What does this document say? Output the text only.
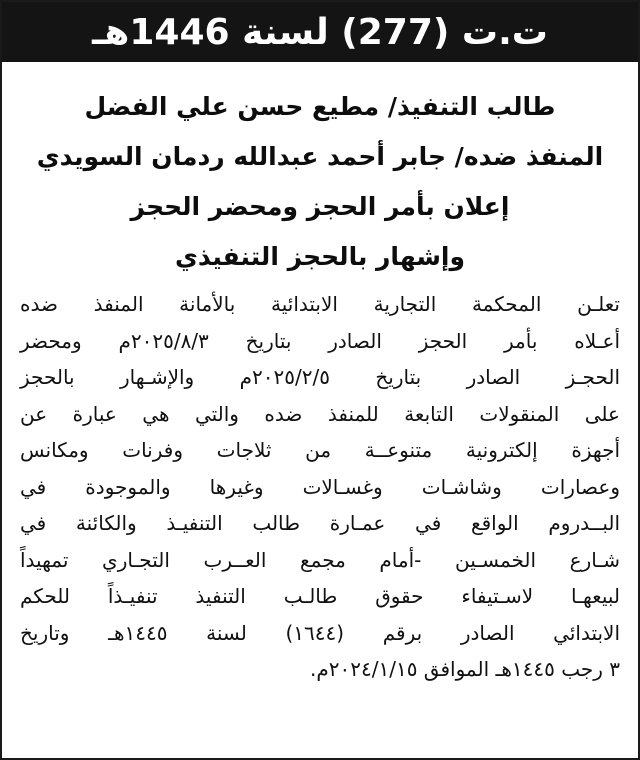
ت.ت (277) لسنة 1446هـ
طالب التنفيذ/ مطيع حسن علي الفضل
المنفذ ضده/ جابر أحمد عبدالله ردمان السويدي
إعلان بأمر الحجز ومحضر الحجز
وإشهار بالحجز التنفيذي
تعلـن المحكمة التجارية الابتدائية بالأمانة المنفذ ضده
أعـلاه بأمر الحجز الصادر بتاريخ ٢٠٢٥/٨/٣م ومحضر
الحجـز الصادر بتاريخ ٢٠٢٥/٢/٥م والإشـهار بالحجز
على المنقولات التابعة للمنفذ ضده والتي هي عبارة عن
أجهزة إلكترونية متنوعــة من ثلاجات وفرنات ومكانس
وعصارات وشاشـات وغسـالات وغيرها والموجودة في
البــدروم الواقع في عمـارة طالب التنفيـذ والكائنة في
شـارع الخمسـين -أمام مجمع العــرب التجـاري تمهيداً
لبيعهـا لاسـتيفاء حقوق طالـب التنفيذ تنفيـذاً للحكم
الابتدائي الصادر برقم (١٦٤٤) لسنة ١٤٤٥هـ وتاريخ
٣ رجب ١٤٤٥هـ الموافق ٢٠٢٤/١/١٥م.
